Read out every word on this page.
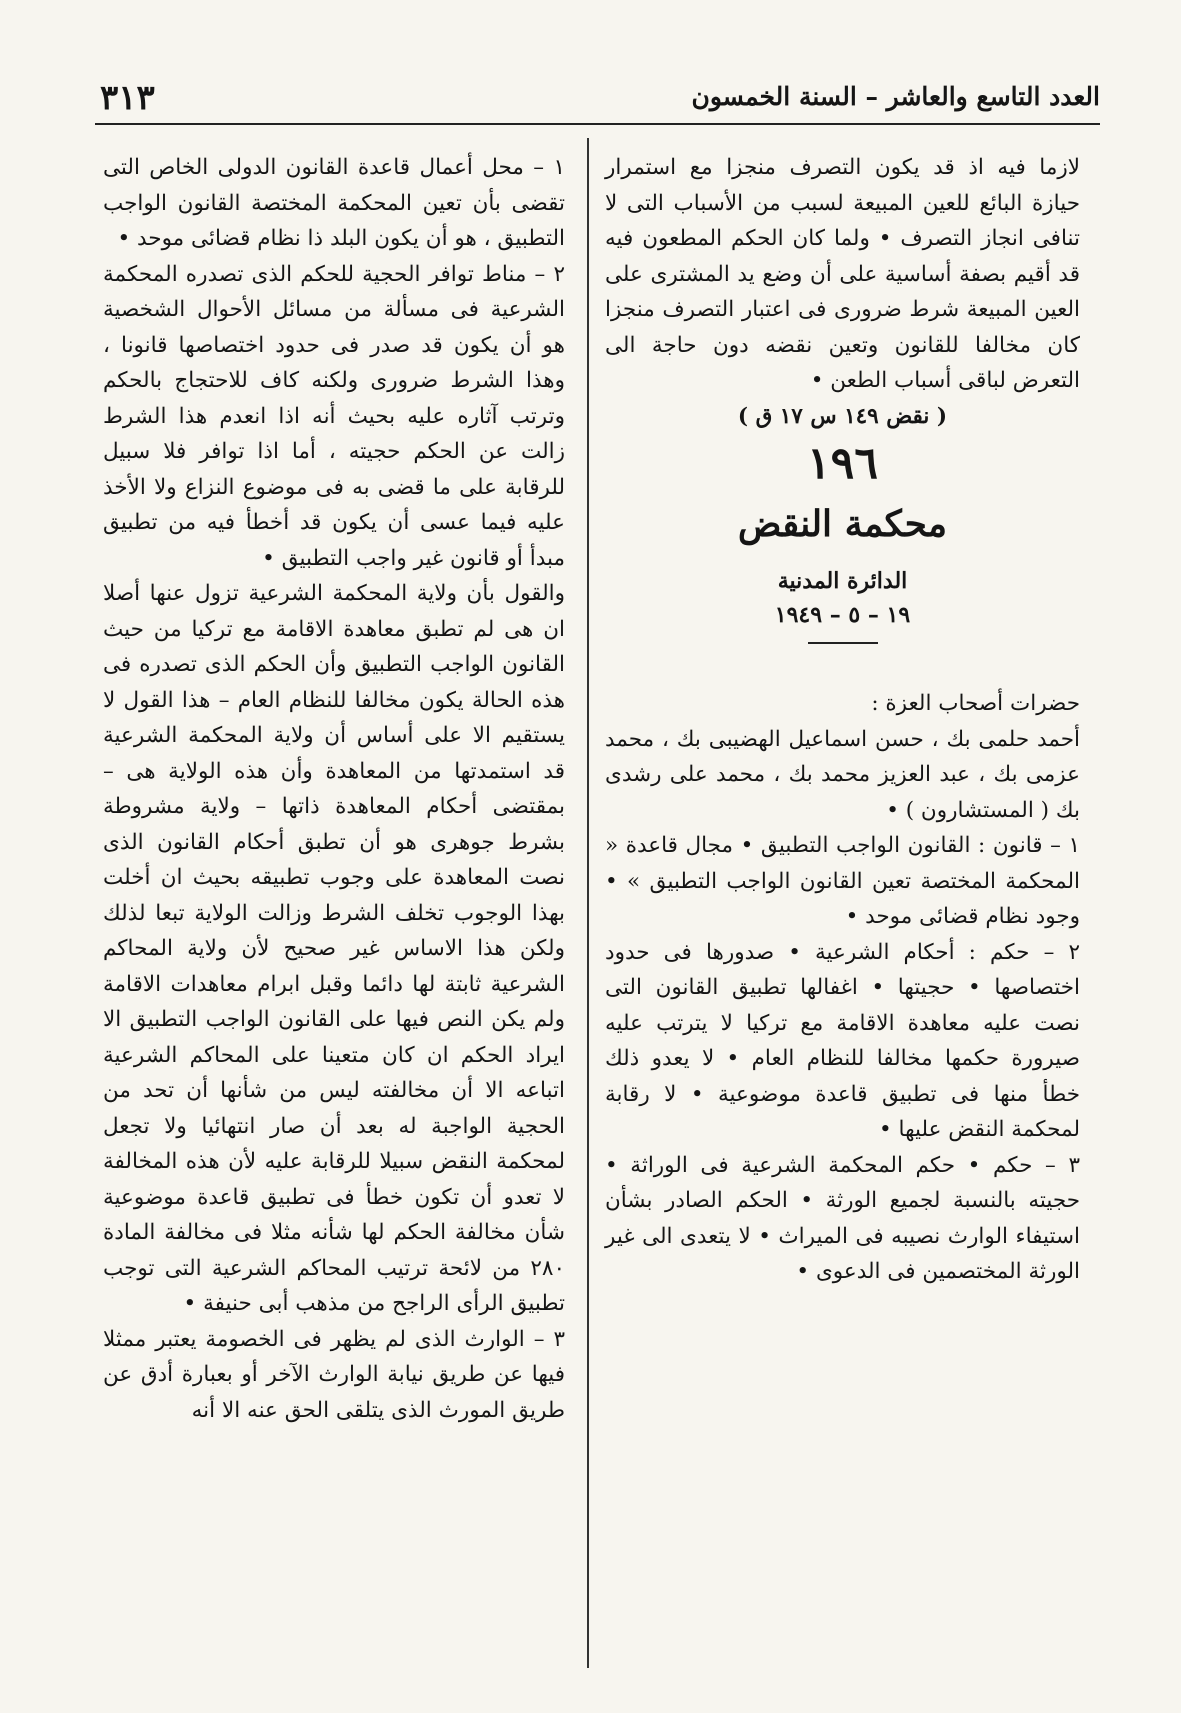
٣١٣	العدد التاسع والعاشر – السنة الخمسون

لازما فيه اذ قد يكون التصرف منجزا مع استمرار حيازة البائع للعين المبيعة لسبب من الأسباب التى لا تنافى انجاز التصرف • ولما كان الحكم المطعون فيه قد أقيم بصفة أساسية على أن وضع يد المشترى على العين المبيعة شرط ضرورى فى اعتبار التصرف منجزا كان مخالفا للقانون وتعين نقضه دون حاجة الى التعرض لباقى أسباب الطعن •

( نقض ١٤٩ س ١٧ ق )

١٩٦
محكمة النقض
الدائرة المدنية
١٩ – ٥ – ١٩٤٩

حضرات أصحاب العزة :

أحمد حلمى بك ، حسن اسماعيل الهضيبى بك ، محمد عزمى بك ، عبد العزيز محمد بك ، محمد على رشدى بك ( المستشارون ) •

١ – قانون : القانون الواجب التطبيق • مجال قاعدة « المحكمة المختصة تعين القانون الواجب التطبيق » • وجود نظام قضائى موحد •

٢ – حكم : أحكام الشرعية • صدورها فى حدود اختصاصها • حجيتها • اغفالها تطبيق القانون التى نصت عليه معاهدة الاقامة مع تركيا لا يترتب عليه صيرورة حكمها مخالفا للنظام العام • لا يعدو ذلك خطأ منها فى تطبيق قاعدة موضوعية • لا رقابة لمحكمة النقض عليها •

٣ – حكم • حكم المحكمة الشرعية فى الوراثة • حجيته بالنسبة لجميع الورثة • الحكم الصادر بشأن استيفاء الوارث نصيبه فى الميراث • لا يتعدى الى غير الورثة المختصمين فى الدعوى •

١ – محل أعمال قاعدة القانون الدولى الخاص التى تقضى بأن تعين المحكمة المختصة القانون الواجب التطبيق ، هو أن يكون البلد ذا نظام قضائى موحد •

٢ – مناط توافر الحجية للحكم الذى تصدره المحكمة الشرعية فى مسألة من مسائل الأحوال الشخصية هو أن يكون قد صدر فى حدود اختصاصها قانونا ، وهذا الشرط ضرورى ولكنه كاف للاحتجاج بالحكم وترتب آثاره عليه بحيث أنه اذا انعدم هذا الشرط زالت عن الحكم حجيته ، أما اذا توافر فلا سبيل للرقابة على ما قضى به فى موضوع النزاع ولا الأخذ عليه فيما عسى أن يكون قد أخطأ فيه من تطبيق مبدأ أو قانون غير واجب التطبيق •

والقول بأن ولاية المحكمة الشرعية تزول عنها أصلا ان هى لم تطبق معاهدة الاقامة مع تركيا من حيث القانون الواجب التطبيق وأن الحكم الذى تصدره فى هذه الحالة يكون مخالفا للنظام العام – هذا القول لا يستقيم الا على أساس أن ولاية المحكمة الشرعية قد استمدتها من المعاهدة وأن هذه الولاية هى – بمقتضى أحكام المعاهدة ذاتها – ولاية مشروطة بشرط جوهرى هو أن تطبق أحكام القانون الذى نصت المعاهدة على وجوب تطبيقه بحيث ان أخلت بهذا الوجوب تخلف الشرط وزالت الولاية تبعا لذلك ولكن هذا الاساس غير صحيح لأن ولاية المحاكم الشرعية ثابتة لها دائما وقبل ابرام معاهدات الاقامة ولم يكن النص فيها على القانون الواجب التطبيق الا ايراد الحكم ان كان متعينا على المحاكم الشرعية اتباعه الا أن مخالفته ليس من شأنها أن تحد من الحجية الواجبة له بعد أن صار انتهائيا ولا تجعل لمحكمة النقض سبيلا للرقابة عليه لأن هذه المخالفة لا تعدو أن تكون خطأ فى تطبيق قاعدة موضوعية شأن مخالفة الحكم لها شأنه مثلا فى مخالفة المادة ٢٨٠ من لائحة ترتيب المحاكم الشرعية التى توجب تطبيق الرأى الراجح من مذهب أبى حنيفة •

٣ – الوارث الذى لم يظهر فى الخصومة يعتبر ممثلا فيها عن طريق نيابة الوارث الآخر أو بعبارة أدق عن طريق المورث الذى يتلقى الحق عنه الا أنه
